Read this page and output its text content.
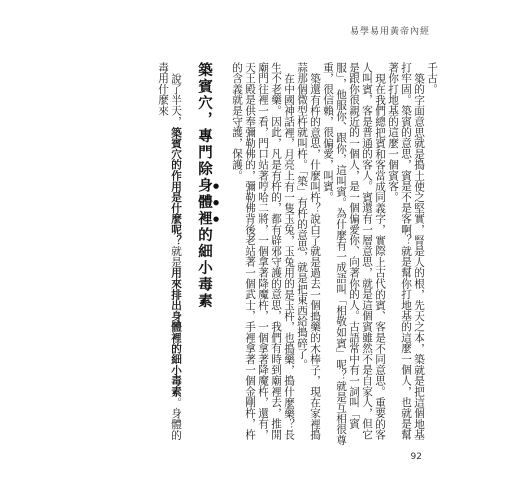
易學易用黃帝內經

千古。

築的字面意思就是搗土使之堅實，腎是人的根，先天之本，築就是把這個地基打牢固。築賓的意思，賓是不是客啊？就是幫你打地基的這麼一個人，也就是幫著你打地基的這麼一個賓客。

現在我們總把賓和客當成同義字，實際上古代的賓、客是不同意思。重要的客人叫賓，客是普通的客人。賓還有一層意思，就是這個賓雖然不是自家人，但它是跟你很親近的一個人，是一個偏愛你、向著你的人。古語常中有一詞叫「賓服」，他服你、跟你，這叫賓。為什麼有一成語叫「相敬如賓」呢？就是互相很尊重，很信賴，很偏愛，叫賓。

築還有杵的意思，什麼叫杵？說白了就是過去一個搗藥的木棒子，現在家裡搗蒜那個微型杵就叫杵。「築」有杵的意思，就是把東西給搗碎了。

在中國神話裡，月亮上有一隻玉兔，玉兔用的是玉杵，也搗藥，搗什麼藥？長生不老藥。因此，凡是有杵的，都有辟邪守護的意思，我們有時到廟裡去，推開廟門往裡一看，門口站著哼哈二將，一個拿著降魔杵，一個拿著降魔杵，還有，天王殿是供奉彌勒佛的，彌勒佛背後老站著一個武士，手裡拿著一個金剛杵，杵的含義就是守護，保護。

築賓穴，專門除身體裡的細小毒素

說了半天，築賓穴的作用是什麼呢？就是用來排出身體裡的細小毒素。身體的毒用什麼來

92
